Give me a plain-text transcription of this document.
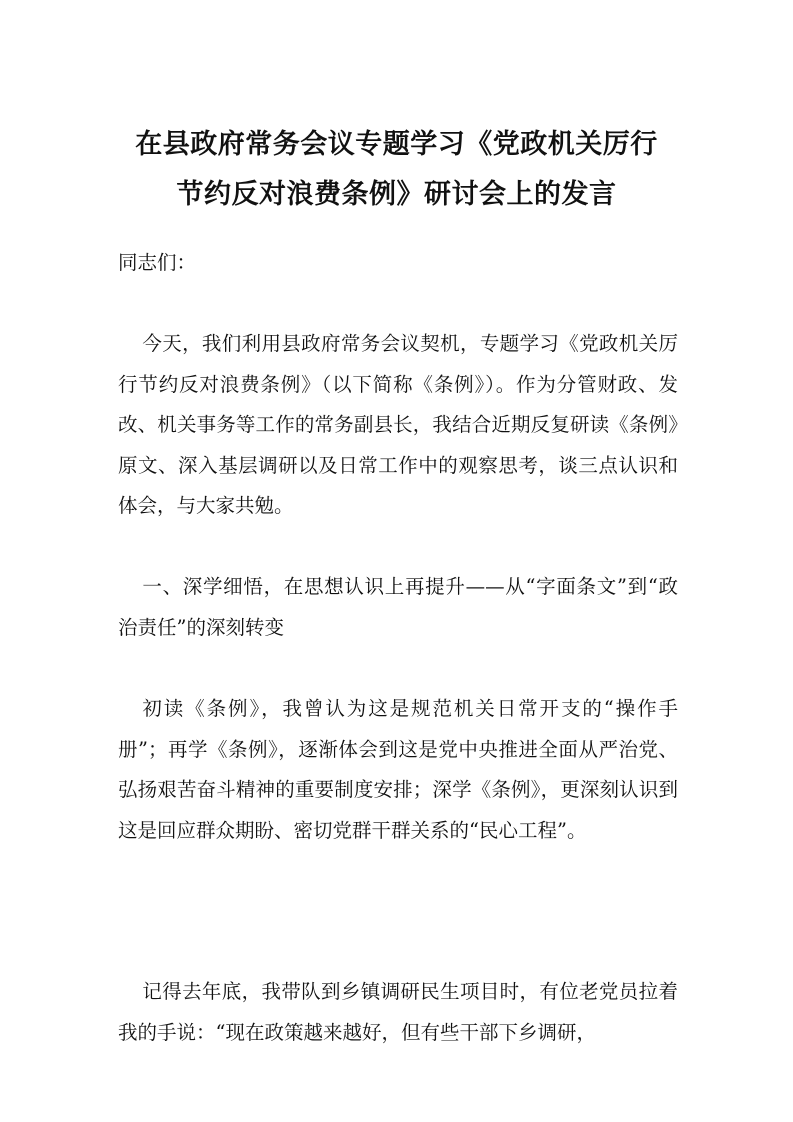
在县政府常务会议专题学习《党政机关厉行
节约反对浪费条例》研讨会上的发言

同志们：

今天，我们利用县政府常务会议契机，专题学习《党政机关厉行节约反对浪费条例》（以下简称《条例》）。作为分管财政、发改、机关事务等工作的常务副县长，我结合近期反复研读《条例》原文、深入基层调研以及日常工作中的观察思考，谈三点认识和体会，与大家共勉。

一、深学细悟，在思想认识上再提升——从“字面条文”到“政治责任”的深刻转变

初读《条例》，我曾认为这是规范机关日常开支的“操作手册”；再学《条例》，逐渐体会到这是党中央推进全面从严治党、弘扬艰苦奋斗精神的重要制度安排；深学《条例》，更深刻认识到这是回应群众期盼、密切党群干群关系的“民心工程”。

记得去年底，我带队到乡镇调研民生项目时，有位老党员拉着我的手说：“现在政策越来越好，但有些干部下乡调研，
